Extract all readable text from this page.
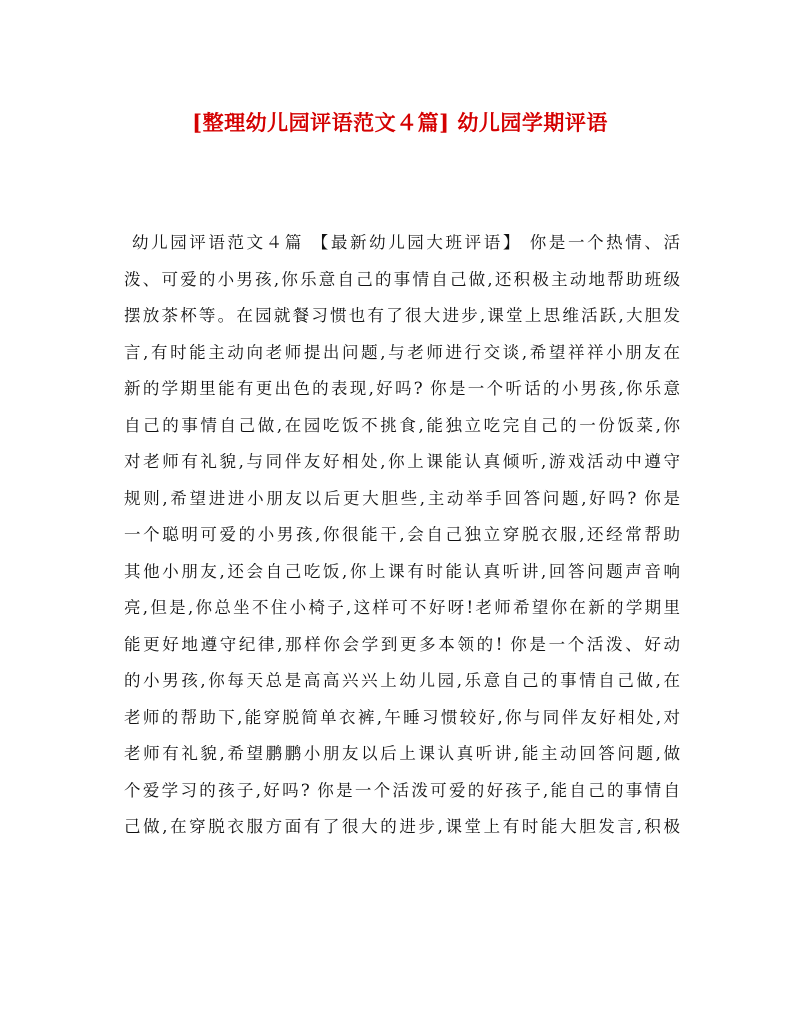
[整理幼儿园评语范文４篇] 幼儿园学期评语
幼儿园评语范文４篇 【最新幼儿园大班评语】 你是一个热情、活
泼、可爱的小男孩,你乐意自己的事情自己做,还积极主动地帮助班级
摆放茶杯等。在园就餐习惯也有了很大进步,课堂上思维活跃,大胆发
言,有时能主动向老师提出问题,与老师进行交谈,希望祥祥小朋友在
新的学期里能有更出色的表现,好吗? 你是一个听话的小男孩,你乐意
自己的事情自己做,在园吃饭不挑食,能独立吃完自己的一份饭菜,你
对老师有礼貌,与同伴友好相处,你上课能认真倾听,游戏活动中遵守
规则,希望进进小朋友以后更大胆些,主动举手回答问题,好吗? 你是
一个聪明可爱的小男孩,你很能干,会自己独立穿脱衣服,还经常帮助
其他小朋友,还会自己吃饭,你上课有时能认真听讲,回答问题声音响
亮,但是,你总坐不住小椅子,这样可不好呀!老师希望你在新的学期里
能更好地遵守纪律,那样你会学到更多本领的! 你是一个活泼、好动
的小男孩,你每天总是高高兴兴上幼儿园,乐意自己的事情自己做,在
老师的帮助下,能穿脱简单衣裤,午睡习惯较好,你与同伴友好相处,对
老师有礼貌,希望鹏鹏小朋友以后上课认真听讲,能主动回答问题,做
个爱学习的孩子,好吗? 你是一个活泼可爱的好孩子,能自己的事情自
己做,在穿脱衣服方面有了很大的进步,课堂上有时能大胆发言,积极
